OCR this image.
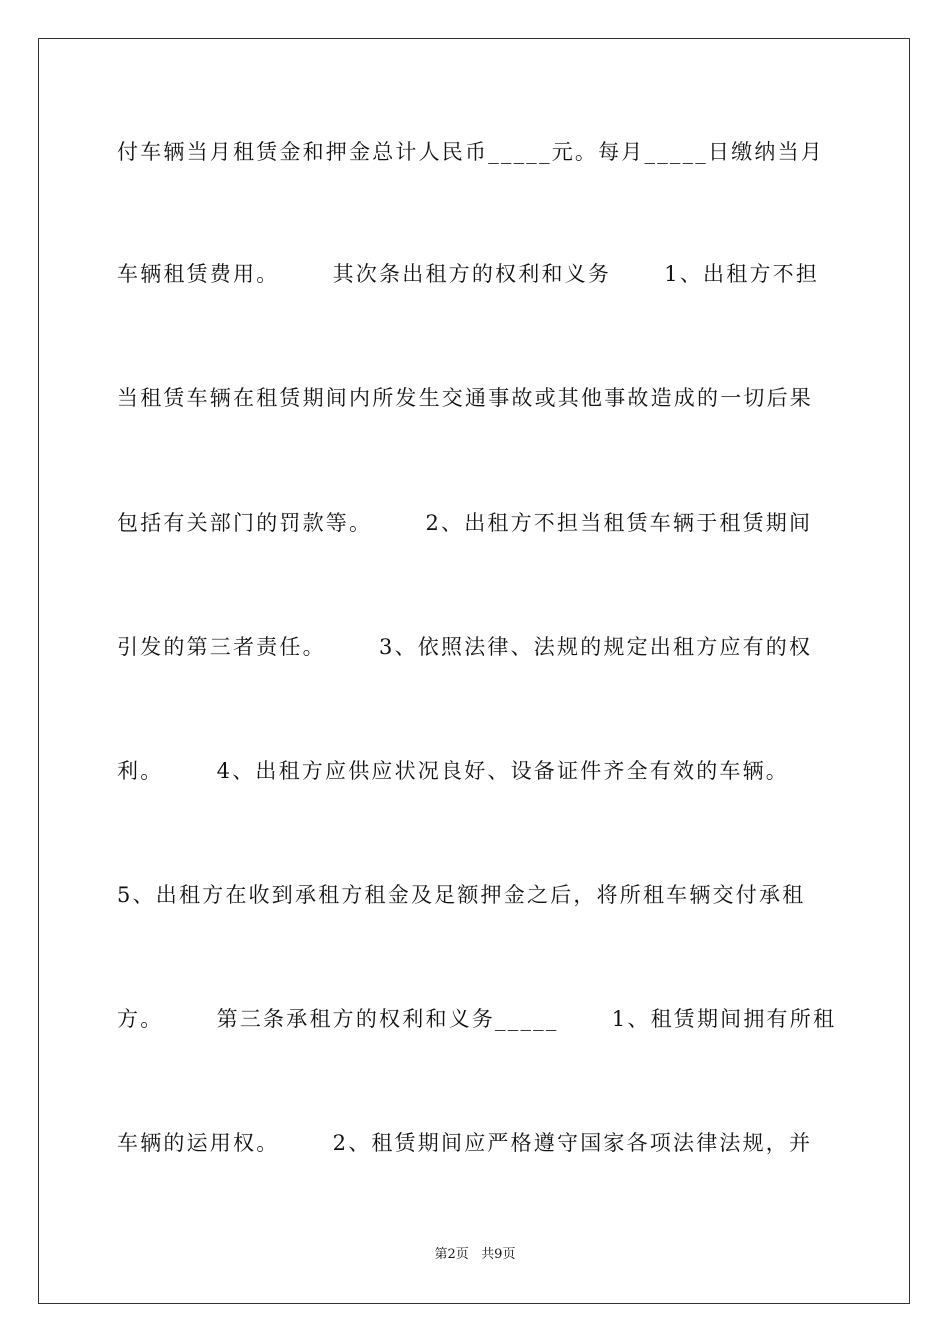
付车辆当月租赁金和押金总计人民币_____元。每月_____日缴纳当月
车辆租赁费用。      其次条出租方的权利和义务      1、出租方不担
当租赁车辆在租赁期间内所发生交通事故或其他事故造成的一切后果
包括有关部门的罚款等。      2、出租方不担当租赁车辆于租赁期间
引发的第三者责任。      3、依照法律、法规的规定出租方应有的权
利。      4、出租方应供应状况良好、设备证件齐全有效的车辆。
5、出租方在收到承租方租金及足额押金之后，将所租车辆交付承租
方。      第三条承租方的权利和义务_____      1、租赁期间拥有所租
车辆的运用权。      2、租赁期间应严格遵守国家各项法律法规，并
第2页   共9页
